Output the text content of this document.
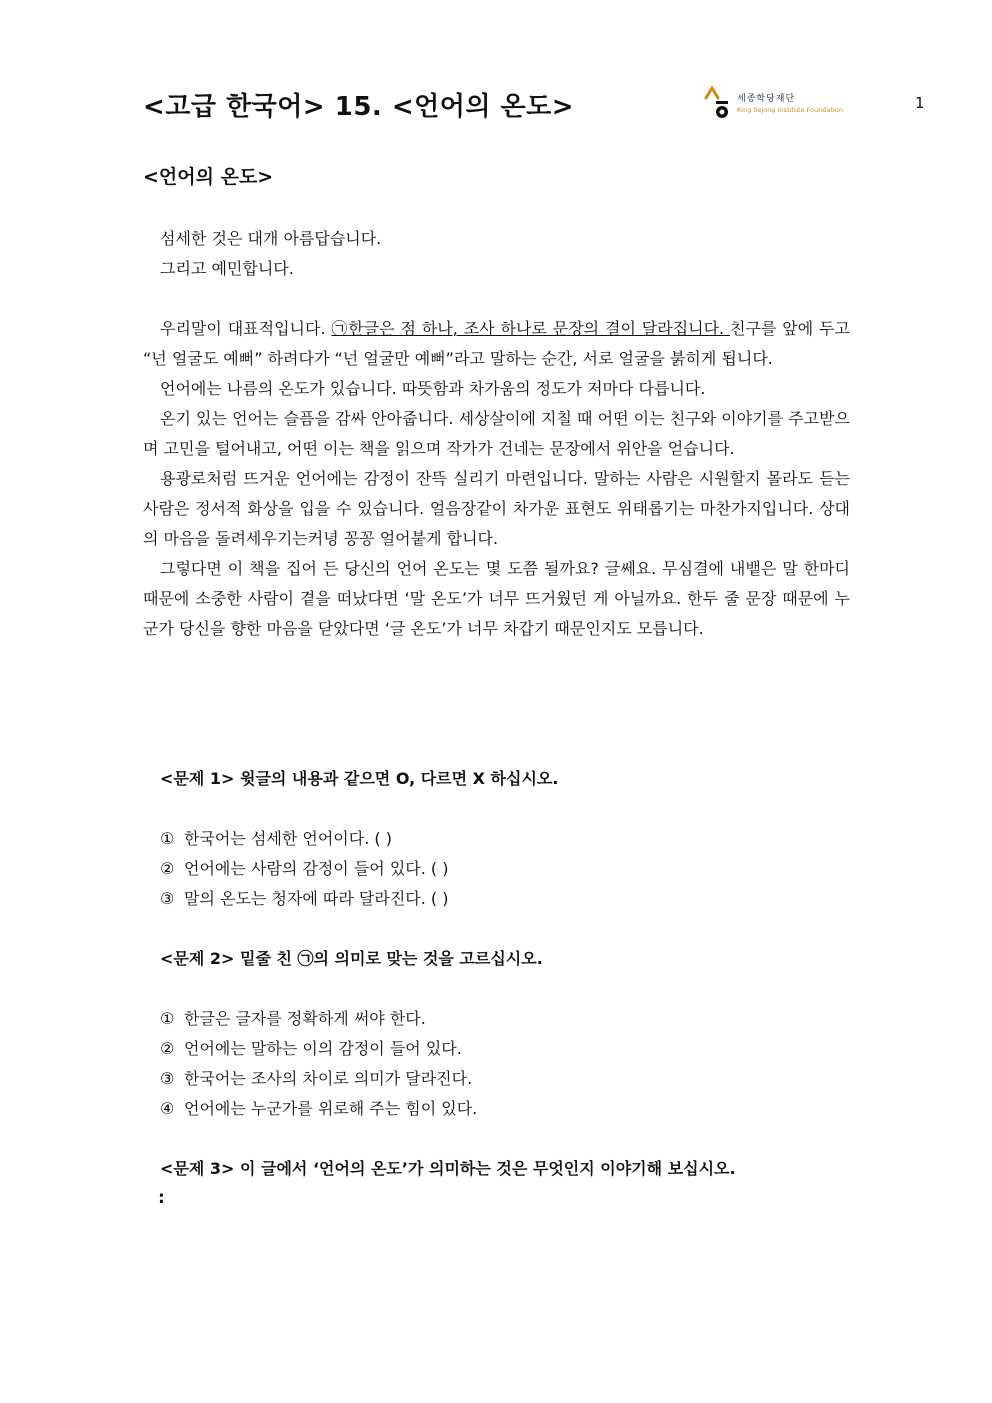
<고급 한국어> 15. <언어의 온도>	세종학당재단
King Sejong Institute Foundation	1
<언어의 온도>

섬세한 것은 대개 아름답습니다.

그리고 예민합니다.

우리말이 대표적입니다. ㉠한글은 점 하나, 조사 하나로 문장의 결이 달라집니다. 친구를 앞에 두고 “넌 얼굴도 예뻐” 하려다가 “넌 얼굴만 예뻐”라고 말하는 순간, 서로 얼굴을 붉히게 됩니다.

언어에는 나름의 온도가 있습니다. 따뜻함과 차가움의 정도가 저마다 다릅니다.

온기 있는 언어는 슬픔을 감싸 안아줍니다. 세상살이에 지칠 때 어떤 이는 친구와 이야기를 주고받으며 고민을 털어내고, 어떤 이는 책을 읽으며 작가가 건네는 문장에서 위안을 얻습니다.

용광로처럼 뜨거운 언어에는 감정이 잔뜩 실리기 마련입니다. 말하는 사람은 시원할지 몰라도 듣는 사람은 정서적 화상을 입을 수 있습니다. 얼음장같이 차가운 표현도 위태롭기는 마찬가지입니다. 상대의 마음을 돌려세우기는커녕 꽁꽁 얼어붙게 합니다.

그렇다면 이 책을 집어 든 당신의 언어 온도는 몇 도쯤 될까요? 글쎄요. 무심결에 내뱉은 말 한마디 때문에 소중한 사람이 곁을 떠났다면 ‘말 온도’가 너무 뜨거웠던 게 아닐까요. 한두 줄 문장 때문에 누군가 당신을 향한 마음을 닫았다면 ‘글 온도’가 너무 차갑기 때문인지도 모릅니다.

<문제 1> 윗글의 내용과 같으면 O, 다르면 X 하십시오.
① 한국어는 섬세한 언어이다. ( )
② 언어에는 사람의 감정이 들어 있다. ( )
③ 말의 온도는 청자에 따라 달라진다. ( )
<문제 2> 밑줄 친 ㉠의 의미로 맞는 것을 고르십시오.
① 한글은 글자를 정확하게 써야 한다.
② 언어에는 말하는 이의 감정이 들어 있다.
③ 한국어는 조사의 차이로 의미가 달라진다.
④ 언어에는 누군가를 위로해 주는 힘이 있다.
<문제 3> 이 글에서 ‘언어의 온도’가 의미하는 것은 무엇인지 이야기해 보십시오.
:
